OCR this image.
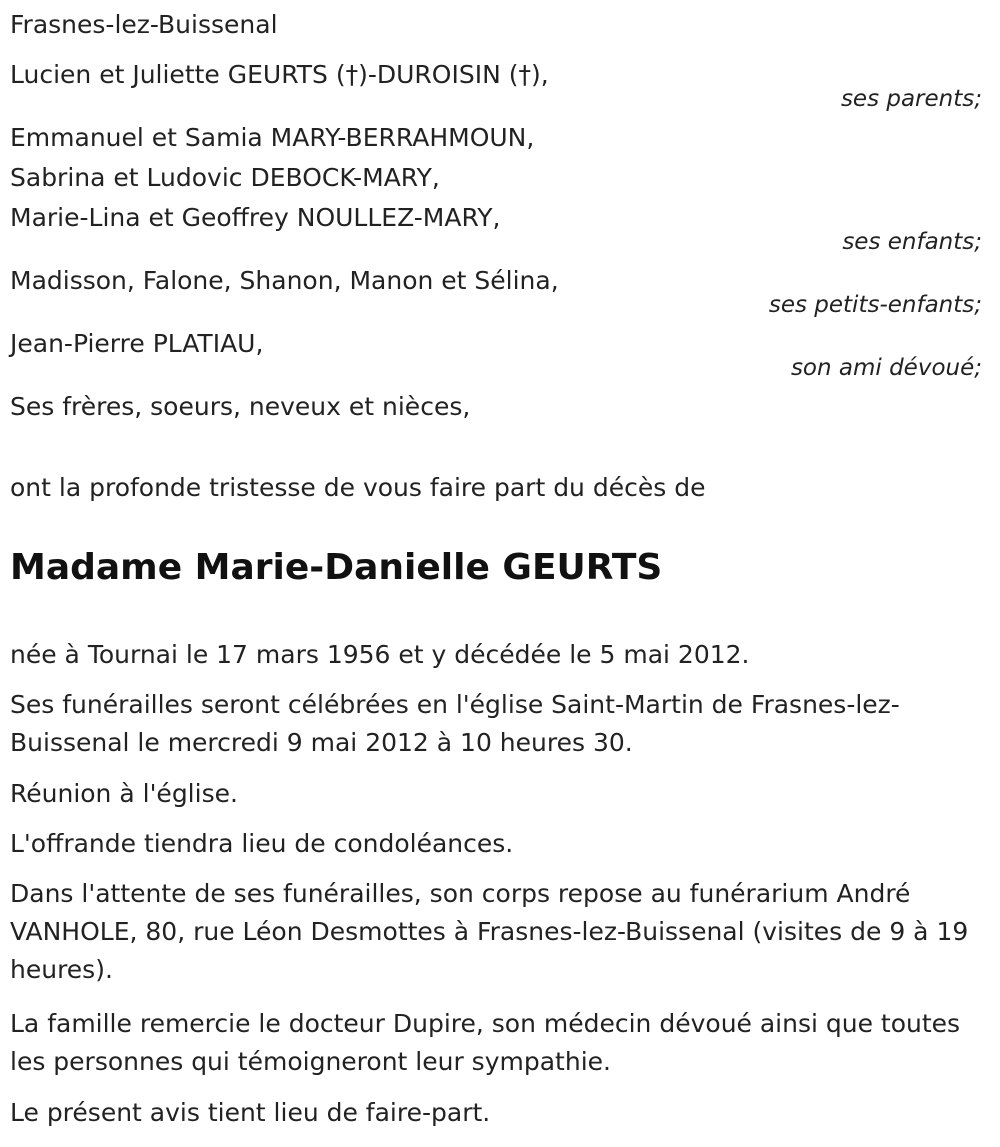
Frasnes-lez-Buissenal

Lucien et Juliette GEURTS (†)-DUROISIN (†),

ses parents;

Emmanuel et Samia MARY-BERRAHMOUN,

Sabrina et Ludovic DEBOCK-MARY,

Marie-Lina et Geoffrey NOULLEZ-MARY,

ses enfants;

Madisson, Falone, Shanon, Manon et Sélina,

ses petits-enfants;

Jean-Pierre PLATIAU,

son ami dévoué;

Ses frères, soeurs, neveux et nièces,

ont la profonde tristesse de vous faire part du décès de

Madame Marie-Danielle GEURTS

née à Tournai le 17 mars 1956 et y décédée le 5 mai 2012.

Ses funérailles seront célébrées en l'église Saint-Martin de Frasnes-lez-Buissenal le mercredi 9 mai 2012 à 10 heures 30.

Réunion à l'église.

L'offrande tiendra lieu de condoléances.

Dans l'attente de ses funérailles, son corps repose au funérarium André VANHOLE, 80, rue Léon Desmottes à Frasnes-lez-Buissenal (visites de 9 à 19 heures).

La famille remercie le docteur Dupire, son médecin dévoué ainsi que toutes les personnes qui témoigneront leur sympathie.

Le présent avis tient lieu de faire-part.
